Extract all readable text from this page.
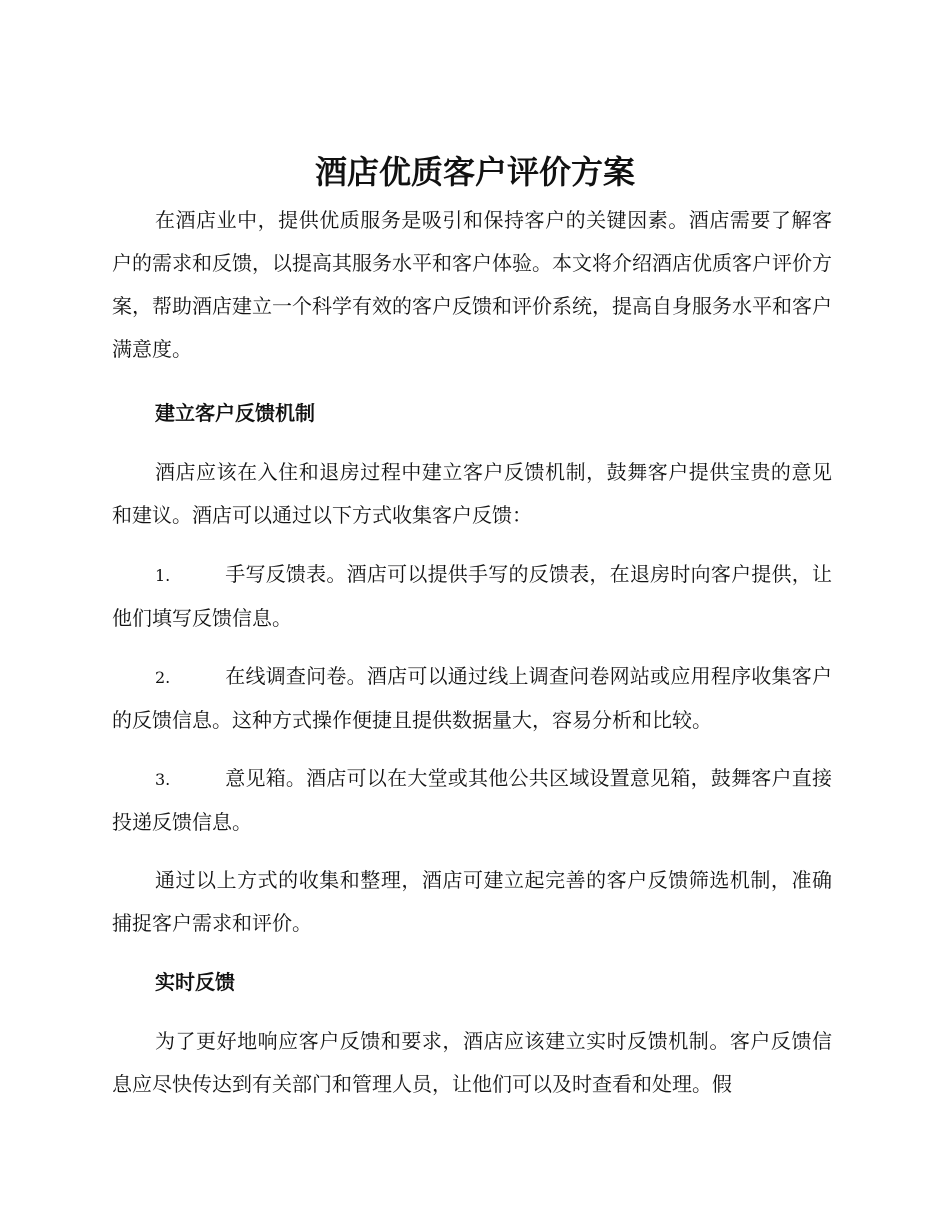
酒店优质客户评价方案

在酒店业中，提供优质服务是吸引和保持客户的关键因素。酒店需要了解客户的需求和反馈，以提高其服务水平和客户体验。本文将介绍酒店优质客户评价方案，帮助酒店建立一个科学有效的客户反馈和评价系统，提高自身服务水平和客户满意度。

建立客户反馈机制

酒店应该在入住和退房过程中建立客户反馈机制，鼓舞客户提供宝贵的意见和建议。酒店可以通过以下方式收集客户反馈：

1.	手写反馈表。酒店可以提供手写的反馈表，在退房时向客户提供，让他们填写反馈信息。

2.	在线调查问卷。酒店可以通过线上调查问卷网站或应用程序收集客户的反馈信息。这种方式操作便捷且提供数据量大，容易分析和比较。

3.	意见箱。酒店可以在大堂或其他公共区域设置意见箱，鼓舞客户直接投递反馈信息。

通过以上方式的收集和整理，酒店可建立起完善的客户反馈筛选机制，准确捕捉客户需求和评价。

实时反馈

为了更好地响应客户反馈和要求，酒店应该建立实时反馈机制。客户反馈信息应尽快传达到有关部门和管理人员，让他们可以及时查看和处理。假
